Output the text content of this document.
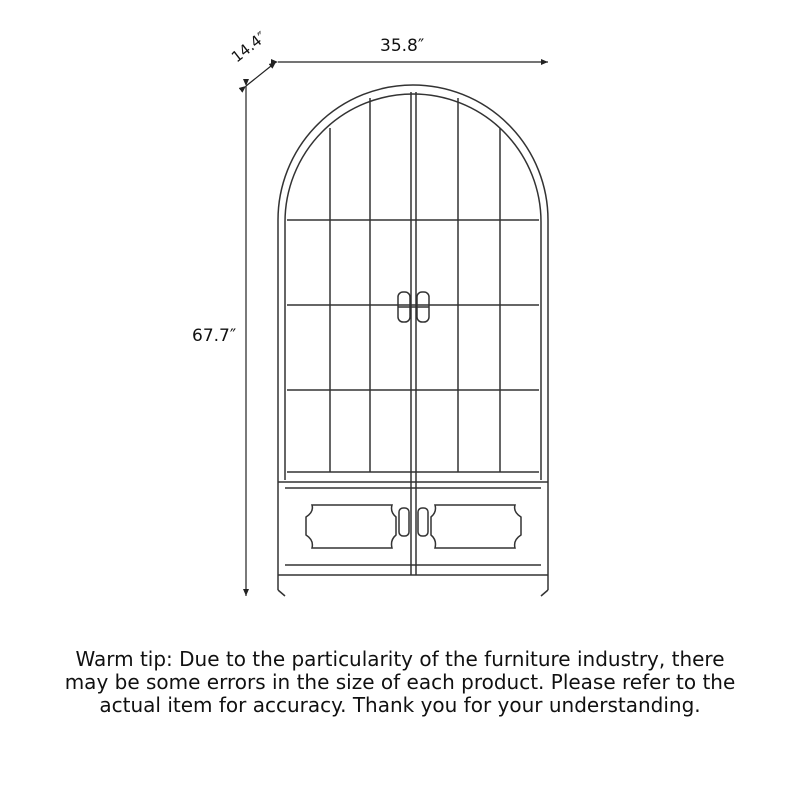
35.8″
14.4″
67.7″
Warm tip: Due to the particularity of the furniture industry, there
may be some errors in the size of each product. Please refer to the
actual item for accuracy. Thank you for your understanding.
